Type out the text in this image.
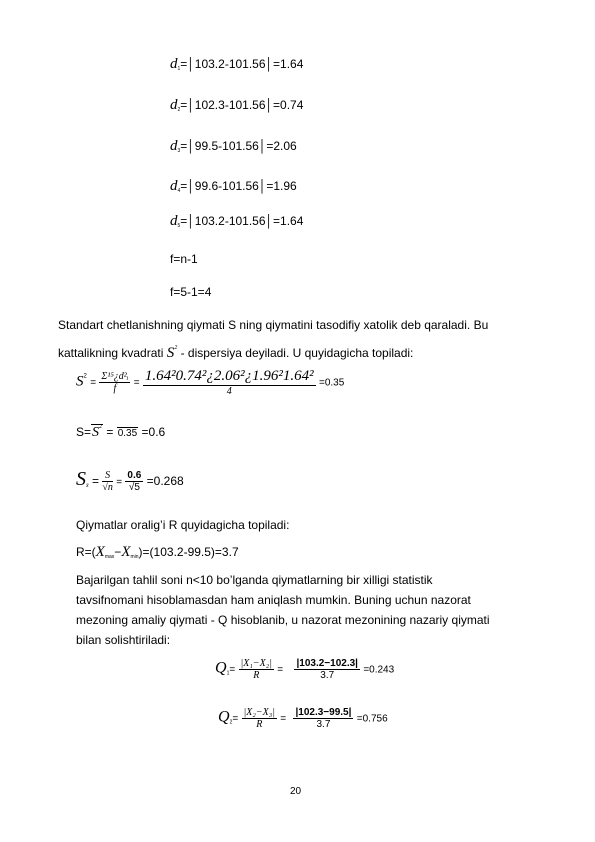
$d_1=│103.2-101.56│=1.64$
$d_2=│102.3-101.56│=0.74$
$d_3=│99.5-101.56│=2.06$
$d_4=│99.6-101.56│=1.96$
$d_5=│103.2-101.56│=1.64$
f=n-1
f=5-1=4
Standart chetlanishning qiymati S ning qiymatini tasodifiy xatolik deb qaraladi. Bu
kattalikning kvadrati $S^2$ - dispersiya deyiladi. U quyidagicha topiladi:
$S^2 = \frac{\text{Σ¹⁵¿d²ᵢ}}{f} = \frac{\text{1.64²0.74²¿2.06²¿1.96²1.64²}}{4} =0.35$
$S=S^2 = 0.35 =0.6$
$S_{x̄} = \frac{S}{√n} = \frac{0.6}{√5} =0.268$
Qiymatlar oralig’i R quyidagicha topiladi:
$R=(X_{max}-X_{min})=(103.2-99.5)=3.7$
Bajarilgan tahlil soni n<10 bo’lganda qiymatlarning bir xilligi statistik
tavsifnomani hisoblamasdan ham aniqlash mumkin. Buning uchun nazorat
mezoning amaliy qiymati - Q hisoblanib, u nazorat mezonining nazariy qiymati
bilan solishtiriladi:
$Q_1= \frac{\text{|X₁−X₂|}}{R} = \frac{|103.2-102.3|}{3.7} =0.243$
$Q_2= \frac{\text{|X₂−X₃|}}{R} = \frac{|102.3-99.5|}{3.7} =0.756$
20
